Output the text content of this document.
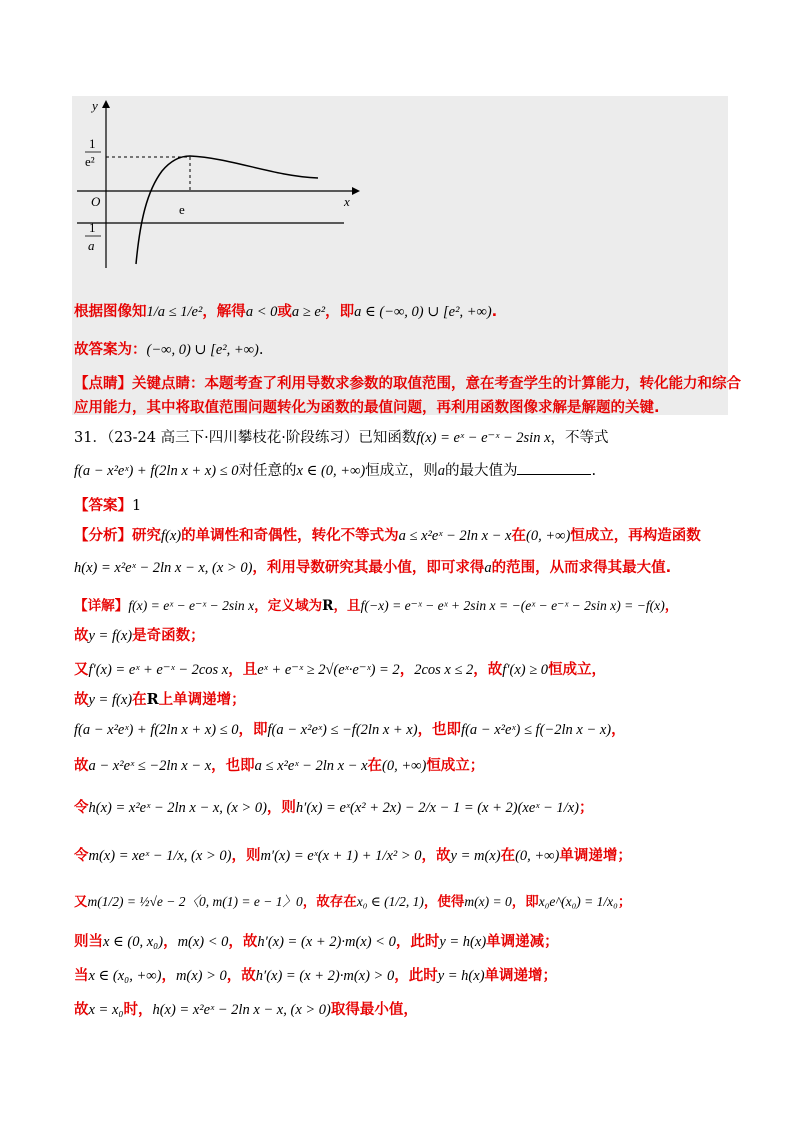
y
x
O
1
e²
e
1
a
根据图像知1/a ≤ 1/e²，解得a < 0或a ≥ e²，即a ∈ (−∞, 0) ∪ [e², +∞).
故答案为：(−∞, 0) ∪ [e², +∞).
【点睛】关键点睛：本题考查了利用导数求参数的取值范围，意在考查学生的计算能力，转化能力和综合
应用能力，其中将取值范围问题转化为函数的最值问题，再利用函数图像求解是解题的关键.
31．（23-24 高三下·四川攀枝花·阶段练习）已知函数f(x) = eˣ − e⁻ˣ − 2sin x，不等式
f(a − x²eˣ) + f(2ln x + x) ≤ 0对任意的x ∈ (0, +∞)恒成立，则a的最大值为	.
【答案】1
【分析】研究f(x)的单调性和奇偶性，转化不等式为a ≤ x²eˣ − 2ln x − x在(0, +∞)恒成立，再构造函数
h(x) = x²eˣ − 2ln x − x, (x > 0)，利用导数研究其最小值，即可求得a的范围，从而求得其最大值.
【详解】f(x) = eˣ − e⁻ˣ − 2sin x，定义域为R，且f(−x) = e⁻ˣ − eˣ + 2sin x = −(eˣ − e⁻ˣ − 2sin x) = −f(x)，
故y = f(x)是奇函数；
又f′(x) = eˣ + e⁻ˣ − 2cos x，且eˣ + e⁻ˣ ≥ 2√(eˣ·e⁻ˣ) = 2，2cos x ≤ 2，故f′(x) ≥ 0恒成立，
故y = f(x)在R上单调递增；
f(a − x²eˣ) + f(2ln x + x) ≤ 0，即f(a − x²eˣ) ≤ −f(2ln x + x)，也即f(a − x²eˣ) ≤ f(−2ln x − x)，
故a − x²eˣ ≤ −2ln x − x，也即a ≤ x²eˣ − 2ln x − x在(0, +∞)恒成立；
令h(x) = x²eˣ − 2ln x − x, (x > 0)，则h′(x) = eˣ(x² + 2x) − 2/x − 1 = (x + 2)(xeˣ − 1/x)；
令m(x) = xeˣ − 1/x, (x > 0)，则m′(x) = eˣ(x + 1) + 1/x² > 0，故y = m(x)在(0, +∞)单调递增；
又m(1/2) = ½√e − 2〈0, m(1) = e − 1〉0，故存在x₀ ∈ (1/2, 1)，使得m(x) = 0，即x₀e^(x₀) = 1/x₀；
则当x ∈ (0, x₀)，m(x) < 0，故h′(x) = (x + 2)·m(x) < 0，此时y = h(x)单调递减；
当x ∈ (x₀, +∞)，m(x) > 0，故h′(x) = (x + 2)·m(x) > 0，此时y = h(x)单调递增；
故x = x₀时，h(x) = x²eˣ − 2ln x − x, (x > 0)取得最小值，
